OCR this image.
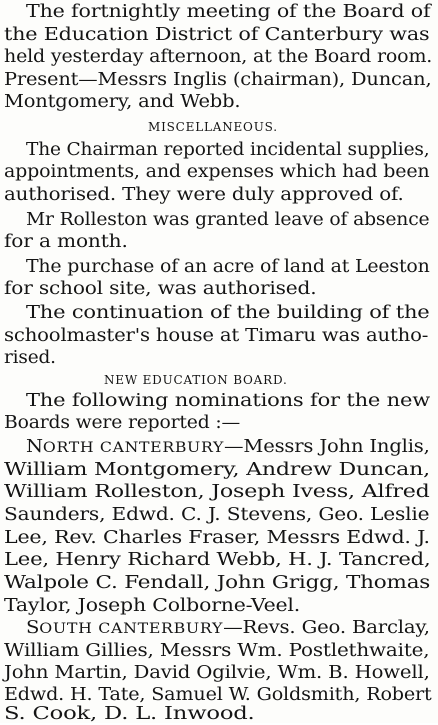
The fortnightly meeting of the Board of
the Education District of Canterbury was
held yesterday afternoon, at the Board room.
Present—Messrs Inglis (chairman), Duncan,
Montgomery, and Webb.
MISCELLANEOUS.
The Chairman reported incidental supplies,
appointments, and expenses which had been
authorised. They were duly approved of.
Mr Rolleston was granted leave of absence
for a month.
The purchase of an acre of land at Leeston
for school site, was authorised.
The continuation of the building of the
schoolmaster's house at Timaru was autho-
rised.
NEW EDUCATION BOARD.
The following nominations for the new
Boards were reported :—
NORTH CANTERBURY—Messrs John Inglis,
William Montgomery, Andrew Duncan,
William Rolleston, Joseph Ivess, Alfred
Saunders, Edwd. C. J. Stevens, Geo. Leslie
Lee, Rev. Charles Fraser, Messrs Edwd. J.
Lee, Henry Richard Webb, H. J. Tancred,
Walpole C. Fendall, John Grigg, Thomas
Taylor, Joseph Colborne-Veel.
SOUTH CANTERBURY—Revs. Geo. Barclay,
William Gillies, Messrs Wm. Postlethwaite,
John Martin, David Ogilvie, Wm. B. Howell,
Edwd. H. Tate, Samuel W. Goldsmith, Robert
S. Cook, D. L. Inwood.
